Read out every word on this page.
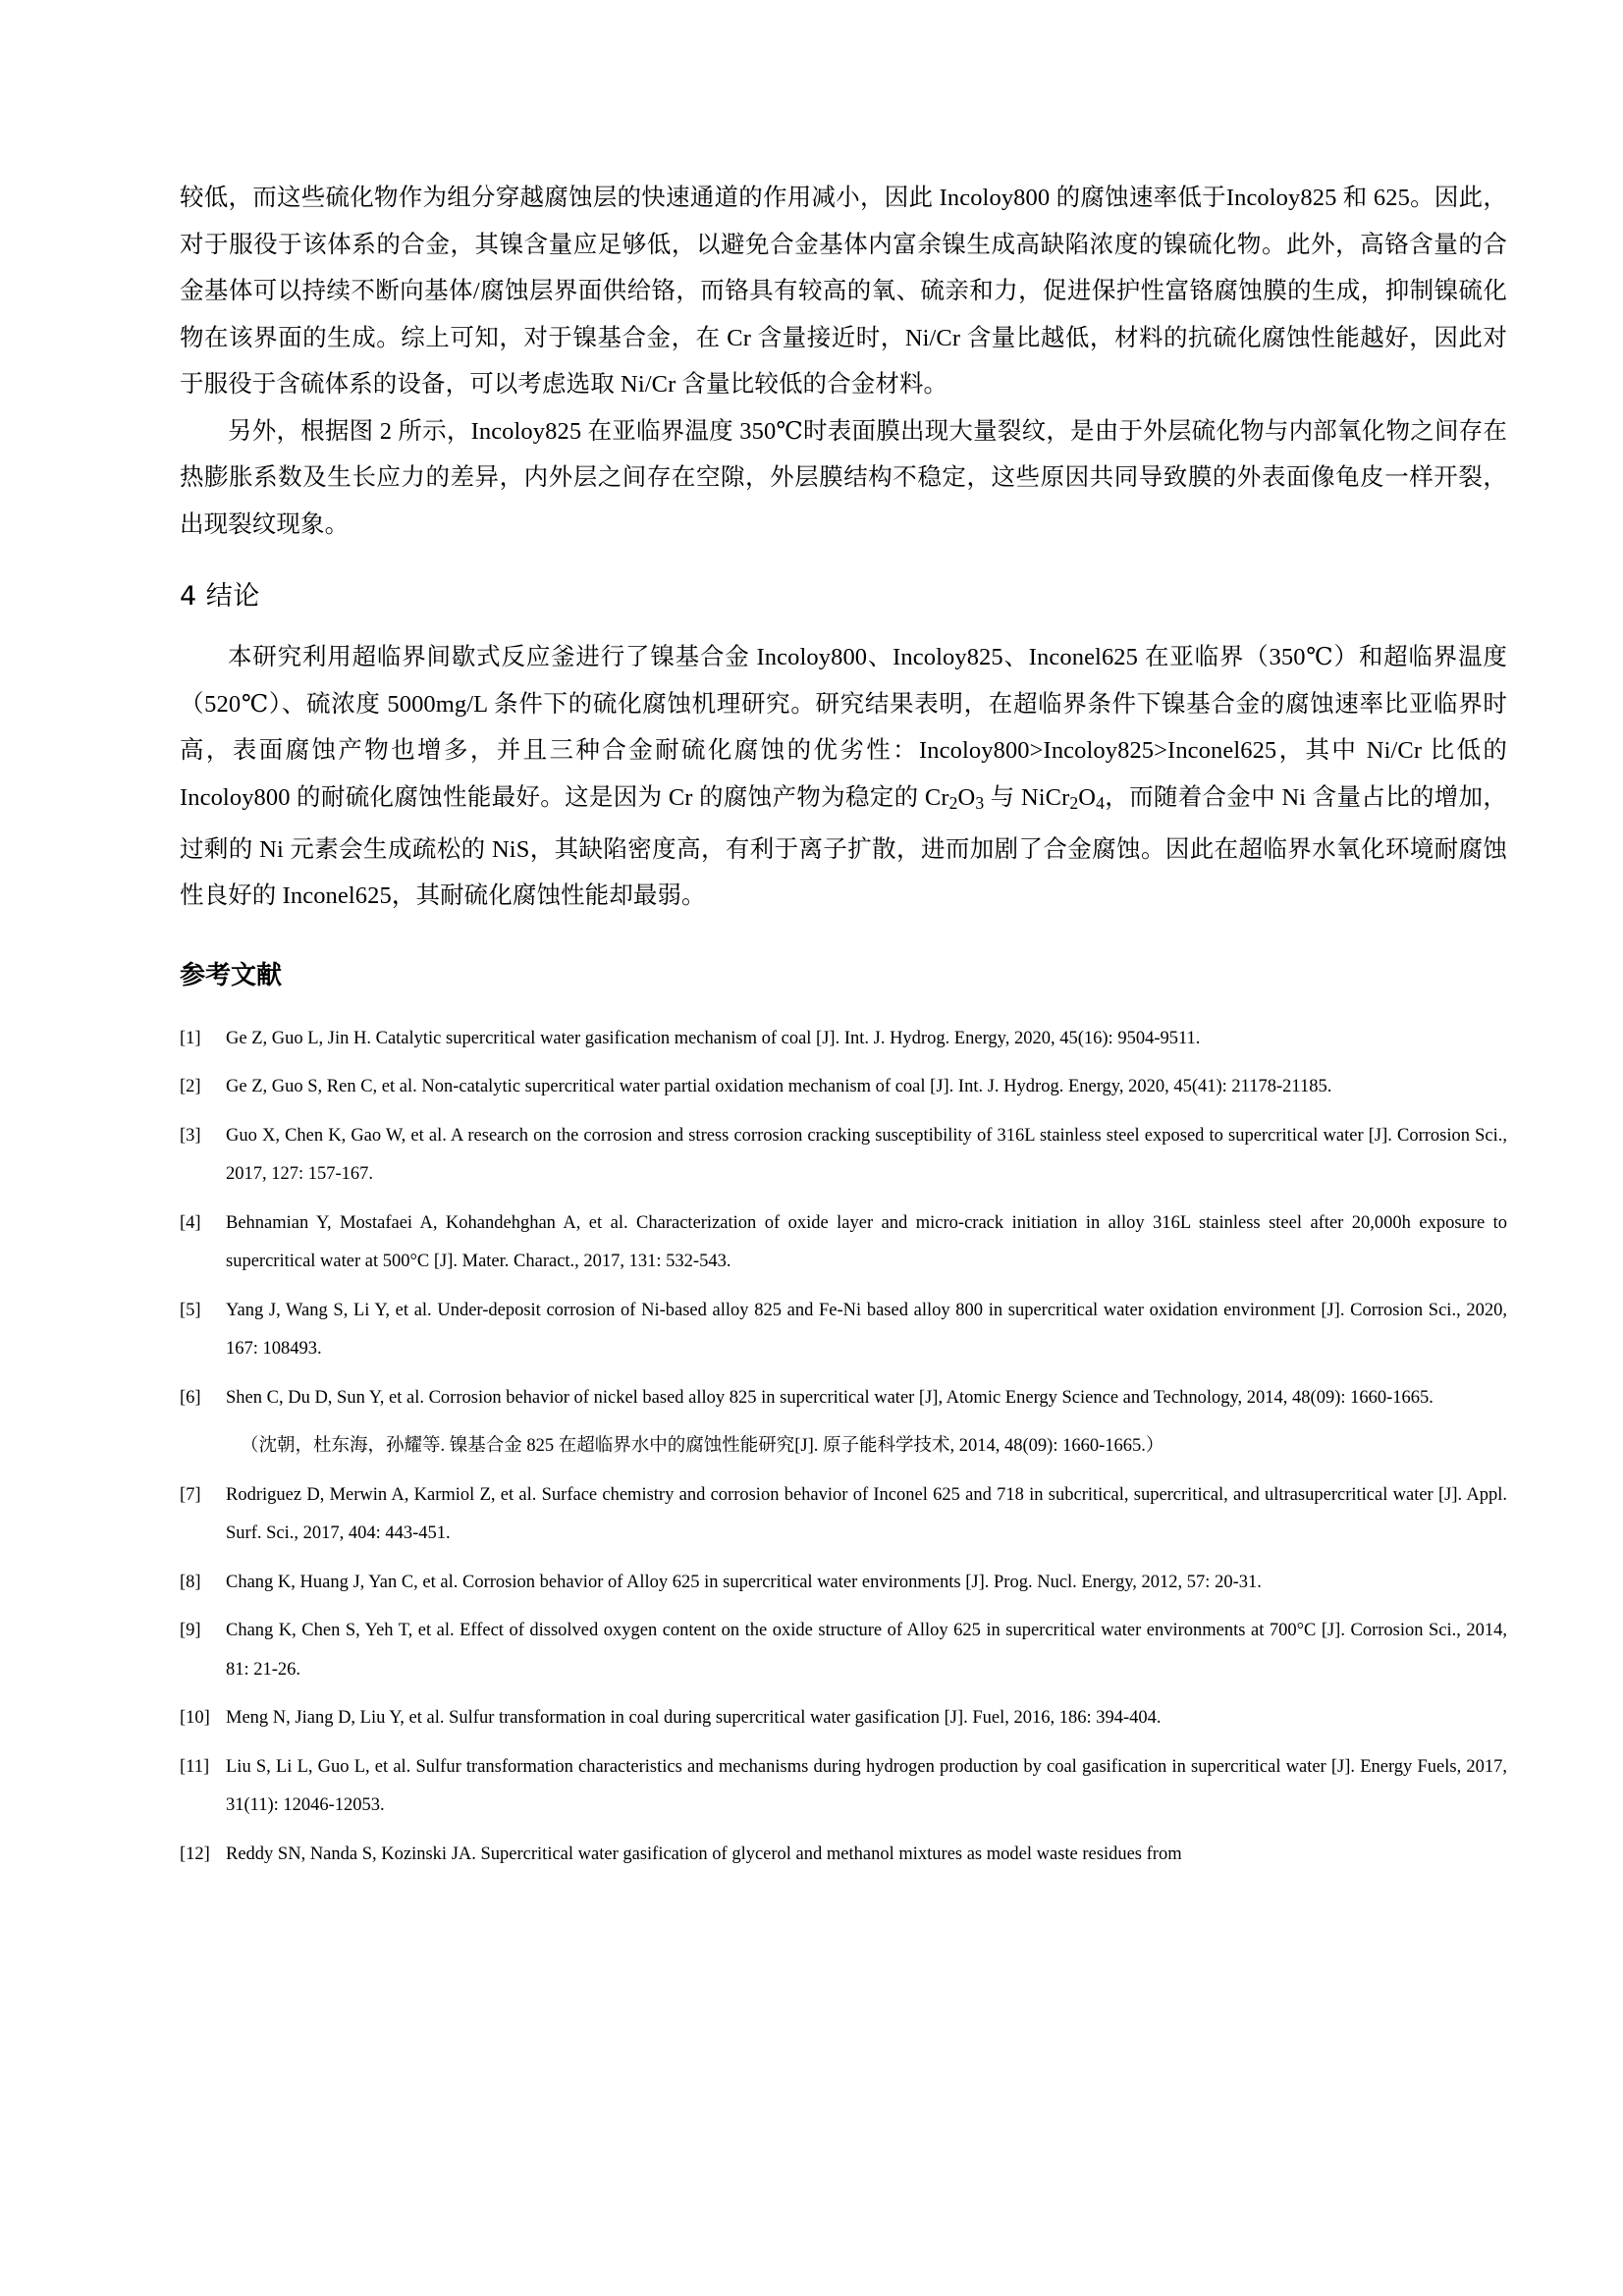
较低，而这些硫化物作为组分穿越腐蚀层的快速通道的作用减小，因此 Incoloy800 的腐蚀速率低于Incoloy825 和 625。因此，对于服役于该体系的合金，其镍含量应足够低，以避免合金基体内富余镍生成高缺陷浓度的镍硫化物。此外，高铬含量的合金基体可以持续不断向基体/腐蚀层界面供给铬，而铬具有较高的氧、硫亲和力，促进保护性富铬腐蚀膜的生成，抑制镍硫化物在该界面的生成。综上可知，对于镍基合金，在 Cr 含量接近时，Ni/Cr 含量比越低，材料的抗硫化腐蚀性能越好，因此对于服役于含硫体系的设备，可以考虑选取 Ni/Cr 含量比较低的合金材料。

另外，根据图 2 所示，Incoloy825 在亚临界温度 350℃时表面膜出现大量裂纹，是由于外层硫化物与内部氧化物之间存在热膨胀系数及生长应力的差异，内外层之间存在空隙，外层膜结构不稳定，这些原因共同导致膜的外表面像龟皮一样开裂，出现裂纹现象。

4 结论

本研究利用超临界间歇式反应釜进行了镍基合金 Incoloy800、Incoloy825、Inconel625 在亚临界（350℃）和超临界温度（520℃）、硫浓度 5000mg/L 条件下的硫化腐蚀机理研究。研究结果表明，在超临界条件下镍基合金的腐蚀速率比亚临界时高，表面腐蚀产物也增多，并且三种合金耐硫化腐蚀的优劣性：Incoloy800>Incoloy825>Inconel625，其中 Ni/Cr 比低的 Incoloy800 的耐硫化腐蚀性能最好。这是因为 Cr 的腐蚀产物为稳定的 $Cr_2O_3$ 与 $NiCr_2O_4$，而随着合金中 Ni 含量占比的增加，过剩的 Ni 元素会生成疏松的 NiS，其缺陷密度高，有利于离子扩散，进而加剧了合金腐蚀。因此在超临界水氧化环境耐腐蚀性良好的 Inconel625，其耐硫化腐蚀性能却最弱。

参考文献
[1]	Ge Z, Guo L, Jin H. Catalytic supercritical water gasification mechanism of coal [J]. Int. J. Hydrog. Energy, 2020, 45(16): 9504-9511.
[2]	Ge Z, Guo S, Ren C, et al. Non-catalytic supercritical water partial oxidation mechanism of coal [J]. Int. J. Hydrog. Energy, 2020, 45(41): 21178-21185.
[3]	Guo X, Chen K, Gao W, et al. A research on the corrosion and stress corrosion cracking susceptibility of 316L stainless steel exposed to supercritical water [J]. Corrosion Sci., 2017, 127: 157-167.
[4]	Behnamian Y, Mostafaei A, Kohandehghan A, et al. Characterization of oxide layer and micro-crack initiation in alloy 316L stainless steel after 20,000h exposure to supercritical water at 500°C [J]. Mater. Charact., 2017, 131: 532-543.
[5]	Yang J, Wang S, Li Y, et al. Under-deposit corrosion of Ni-based alloy 825 and Fe-Ni based alloy 800 in supercritical water oxidation environment [J]. Corrosion Sci., 2020, 167: 108493.
[6]	Shen C, Du D, Sun Y, et al. Corrosion behavior of nickel based alloy 825 in supercritical water [J], Atomic Energy Science and Technology, 2014, 48(09): 1660-1665.
（沈朝，杜东海，孙耀等. 镍基合金 825 在超临界水中的腐蚀性能研究[J]. 原子能科学技术, 2014, 48(09): 1660-1665.）
[7]	Rodriguez D, Merwin A, Karmiol Z, et al. Surface chemistry and corrosion behavior of Inconel 625 and 718 in subcritical, supercritical, and ultrasupercritical water [J]. Appl. Surf. Sci., 2017, 404: 443-451.
[8]	Chang K, Huang J, Yan C, et al. Corrosion behavior of Alloy 625 in supercritical water environments [J]. Prog. Nucl. Energy, 2012, 57: 20-31.
[9]	Chang K, Chen S, Yeh T, et al. Effect of dissolved oxygen content on the oxide structure of Alloy 625 in supercritical water environments at 700°C [J]. Corrosion Sci., 2014, 81: 21-26.
[10] Meng N, Jiang D, Liu Y, et al. Sulfur transformation in coal during supercritical water gasification [J]. Fuel, 2016, 186: 394-404.
[11] Liu S, Li L, Guo L, et al. Sulfur transformation characteristics and mechanisms during hydrogen production by coal gasification in supercritical water [J]. Energy Fuels, 2017, 31(11): 12046-12053.
[12] Reddy SN, Nanda S, Kozinski JA. Supercritical water gasification of glycerol and methanol mixtures as model waste residues from
